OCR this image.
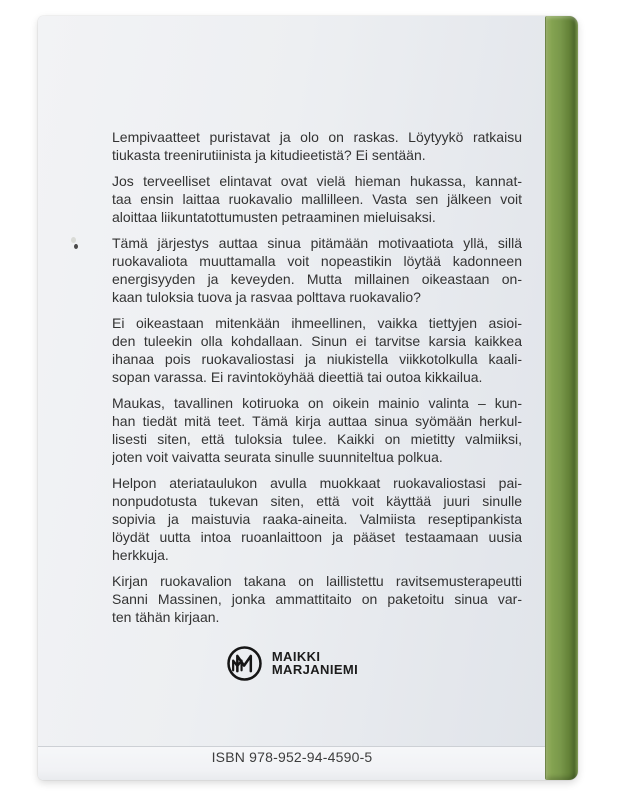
Lempivaatteet puristavat ja olo on raskas. Löytyykö ratkaisu
tiukasta treenirutiinista ja kitudieetistä? Ei sentään.
Jos terveelliset elintavat ovat vielä hieman hukassa, kannat-
taa ensin laittaa ruokavalio mallilleen. Vasta sen jälkeen voit
aloittaa liikuntatottumusten petraaminen mieluisaksi.
Tämä järjestys auttaa sinua pitämään motivaatiota yllä, sillä
ruokavaliota muuttamalla voit nopeastikin löytää kadonneen
energisyyden ja keveyden. Mutta millainen oikeastaan on-
kaan tuloksia tuova ja rasvaa polttava ruokavalio?
Ei oikeastaan mitenkään ihmeellinen, vaikka tiettyjen asioi-
den tuleekin olla kohdallaan. Sinun ei tarvitse karsia kaikkea
ihanaa pois ruokavaliostasi ja niukistella viikkotolkulla kaali-
sopan varassa. Ei ravintoköyhää dieettiä tai outoa kikkailua.
Maukas, tavallinen kotiruoka on oikein mainio valinta – kun-
han tiedät mitä teet. Tämä kirja auttaa sinua syömään herkul-
lisesti siten, että tuloksia tulee. Kaikki on mietitty valmiiksi,
joten voit vaivatta seurata sinulle suunniteltua polkua.
Helpon ateriataulukon avulla muokkaat ruokavaliostasi pai-
nonpudotusta tukevan siten, että voit käyttää juuri sinulle
sopivia ja maistuvia raaka-aineita. Valmiista reseptipankista
löydät uutta intoa ruoanlaittoon ja pääset testaamaan uusia
herkkuja.
Kirjan ruokavalion takana on laillistettu ravitsemusterapeutti
Sanni Massinen, jonka ammattitaito on paketoitu sinua var-
ten tähän kirjaan.
MAIKKI
MARJANIEMI
ISBN 978-952-94-4590-5
